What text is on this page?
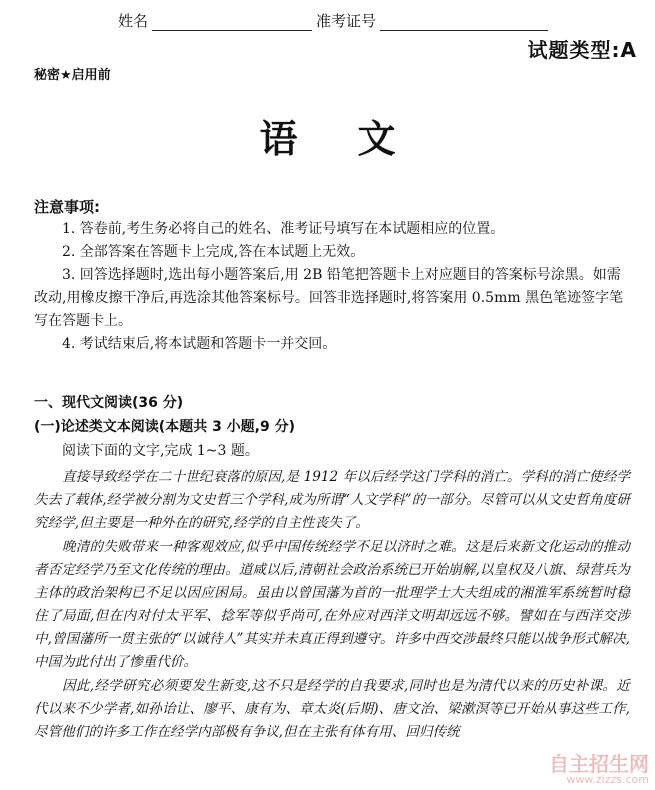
姓名	准考证号
试题类型:A
秘密★启用前
语文
注意事项:

1. 答卷前,考生务必将自己的姓名、准考证号填写在本试题相应的位置。

2. 全部答案在答题卡上完成,答在本试题上无效。

3. 回答选择题时,选出每小题答案后,用 2B 铅笔把答题卡上对应题目的答案标号涂黑。如需改动,用橡皮擦干净后,再选涂其他答案标号。回答非选择题时,将答案用 0.5mm 黑色笔迹签字笔写在答题卡上。

4. 考试结束后,将本试题和答题卡一并交回。

一、现代文阅读(36 分)
(一)论述类文本阅读(本题共 3 小题,9 分)
阅读下面的文字,完成 1~3 题。

直接导致经学在二十世纪衰落的原因,是 1912 年以后经学这门学科的消亡。学科的消亡使经学失去了载体,经学被分割为文史哲三个学科,成为所谓“人文学科”的一部分。尽管可以从文史哲角度研究经学,但主要是一种外在的研究,经学的自主性丧失了。

晚清的失败带来一种客观效应,似乎中国传统经学不足以济时之难。这是后来新文化运动的推动者否定经学乃至文化传统的理由。道咸以后,清朝社会政治系统已开始崩解,以皇权及八旗、绿营兵为主体的政治架构已不足以因应困局。虽由以曾国藩为首的一批理学士大夫组成的湘淮军系统暂时稳住了局面,但在内对付太平军、捻军等似乎尚可,在外应对西洋文明却远远不够。譬如在与西洋交涉中,曾国藩所一贯主张的“以诚待人”其实并未真正得到遵守。许多中西交涉最终只能以战争形式解决,中国为此付出了惨重代价。

因此,经学研究必须要发生新变,这不只是经学的自我要求,同时也是为清代以来的历史补课。近代以来不少学者,如孙诒让、廖平、康有为、章太炎(后期)、唐文治、梁漱溟等已开始从事这些工作,尽管他们的许多工作在经学内部极有争议,但在主张有体有用、回归传统

自主招生网
www.zizzs.com
